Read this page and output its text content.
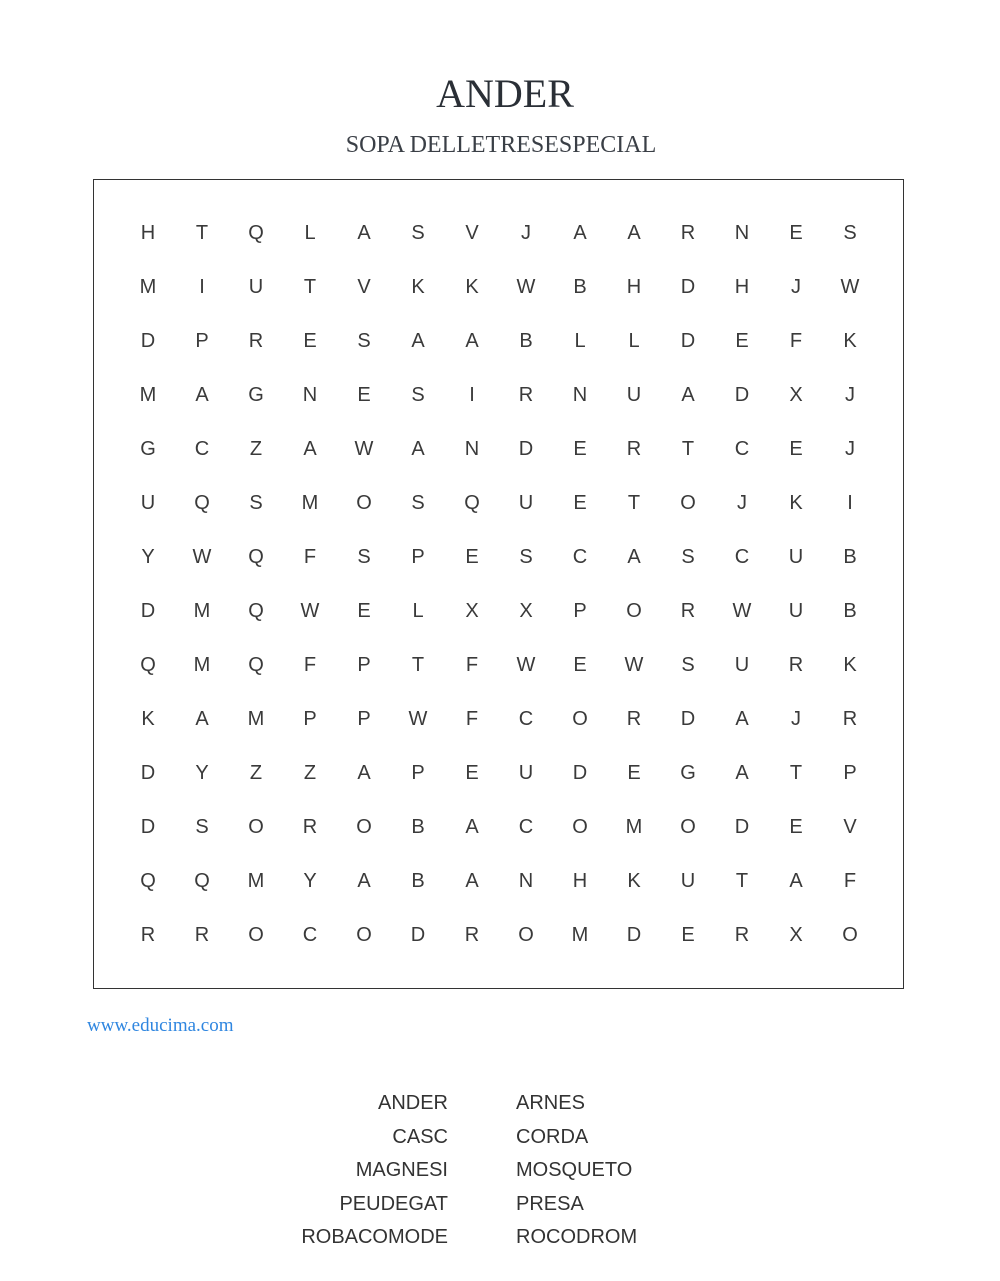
ANDER
SOPA DELLETRESESPECIAL
H	T	Q	L	A	S	V	J	A	A	R	N	E	S
M	I	U	T	V	K	K	W	B	H	D	H	J	W
D	P	R	E	S	A	A	B	L	L	D	E	F	K
M	A	G	N	E	S	I	R	N	U	A	D	X	J
G	C	Z	A	W	A	N	D	E	R	T	C	E	J
U	Q	S	M	O	S	Q	U	E	T	O	J	K	I
Y	W	Q	F	S	P	E	S	C	A	S	C	U	B
D	M	Q	W	E	L	X	X	P	O	R	W	U	B
Q	M	Q	F	P	T	F	W	E	W	S	U	R	K
K	A	M	P	P	W	F	C	O	R	D	A	J	R
D	Y	Z	Z	A	P	E	U	D	E	G	A	T	P
D	S	O	R	O	B	A	C	O	M	O	D	E	V
Q	Q	M	Y	A	B	A	N	H	K	U	T	A	F
R	R	O	C	O	D	R	O	M	D	E	R	X	O
www.educima.com
ANDER	ARNES
CASC	CORDA
MAGNESI	MOSQUETO
PEUDEGAT	PRESA
ROBACOMODE	ROCODROM
